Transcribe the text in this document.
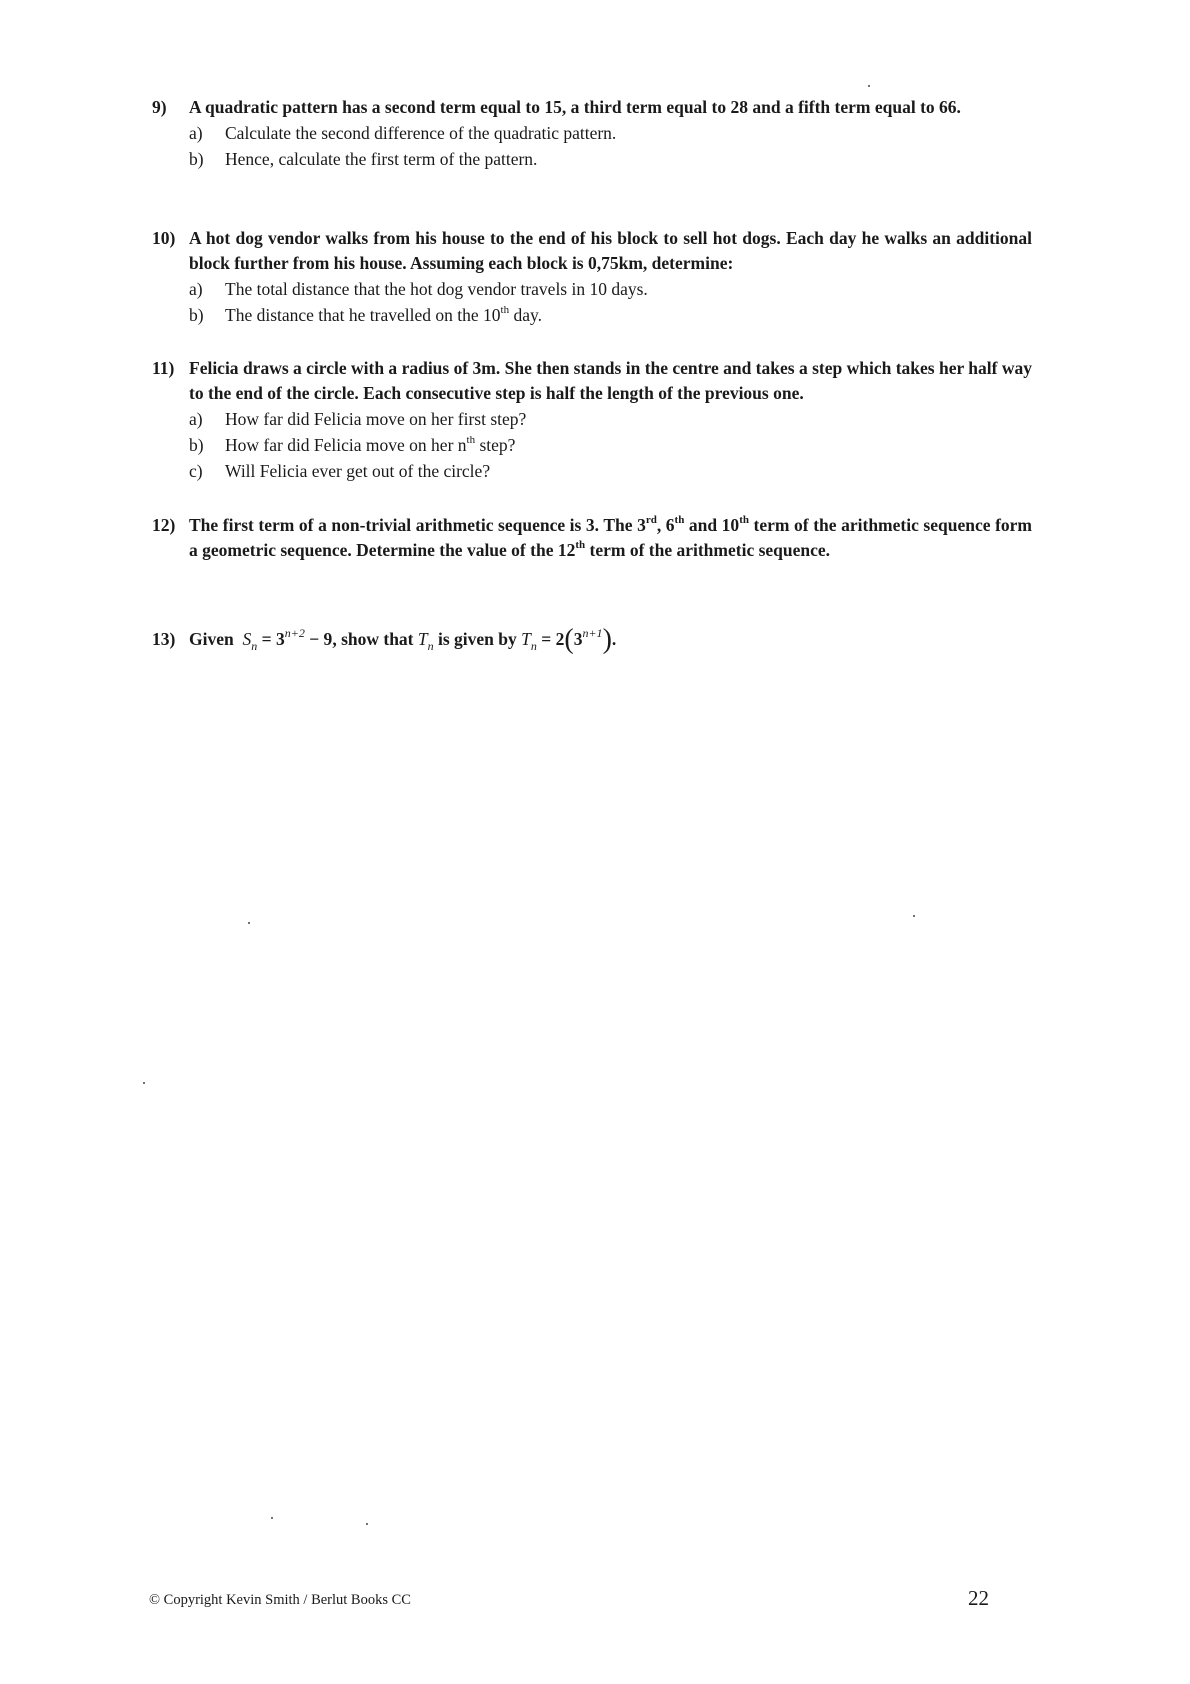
9) A quadratic pattern has a second term equal to 15, a third term equal to 28 and a fifth term equal to 66.
a) Calculate the second difference of the quadratic pattern.
b) Hence, calculate the first term of the pattern.
10) A hot dog vendor walks from his house to the end of his block to sell hot dogs. Each day he walks an additional block further from his house. Assuming each block is 0,75km, determine:
a) The total distance that the hot dog vendor travels in 10 days.
b) The distance that he travelled on the 10th day.
11) Felicia draws a circle with a radius of 3m. She then stands in the centre and takes a step which takes her half way to the end of the circle. Each consecutive step is half the length of the previous one.
a) How far did Felicia move on her first step?
b) How far did Felicia move on her $n^{th}$ step?
c) Will Felicia ever get out of the circle?
12) The first term of a non-trivial arithmetic sequence is 3. The 3rd, 6th and 10th term of the arithmetic sequence form a geometric sequence. Determine the value of the 12th term of the arithmetic sequence.
13) Given $S_n = 3^{n+2} - 9$, show that $T_n$ is given by $T_n = 2(3^{n+1})$.
© Copyright Kevin Smith / Berlut Books CC	22
